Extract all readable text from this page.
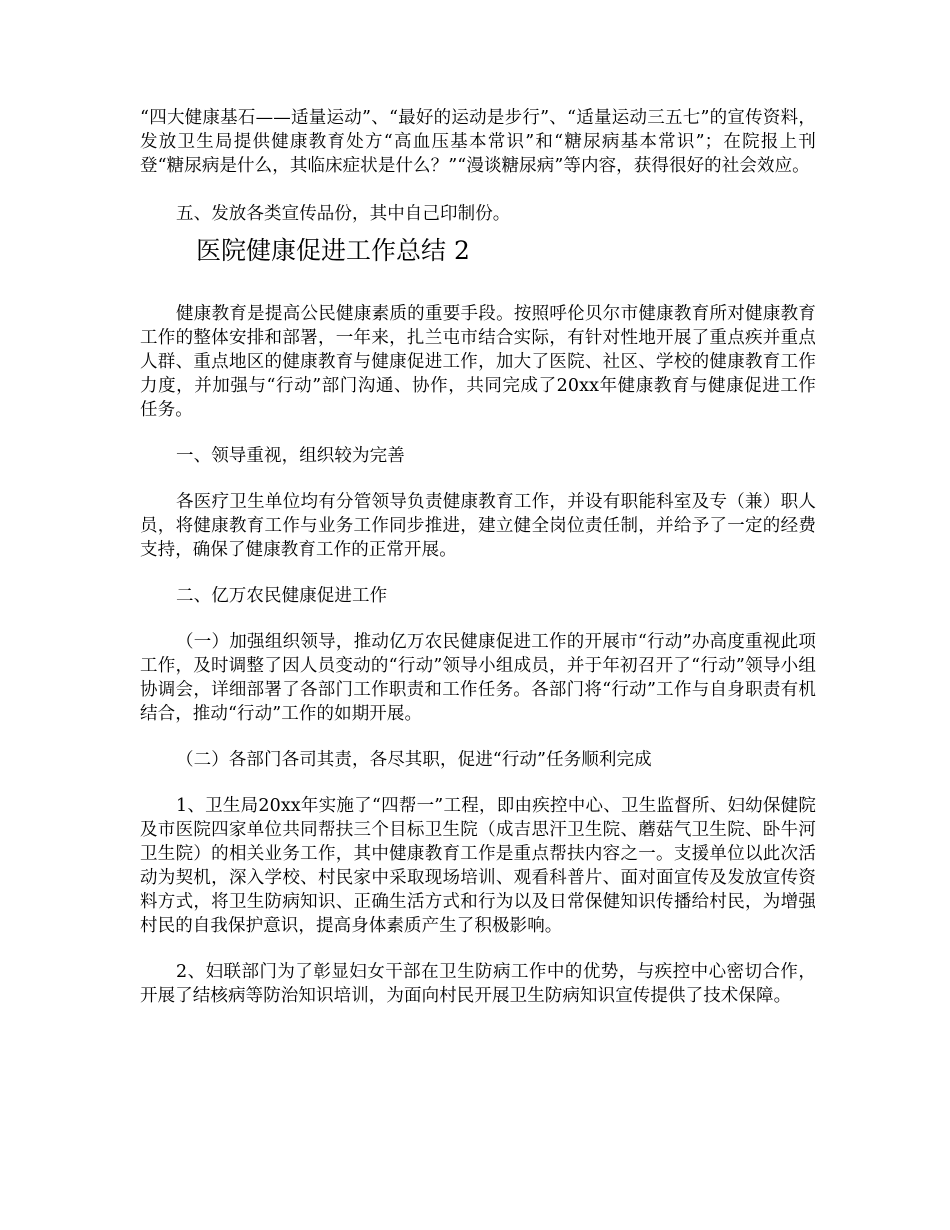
“四大健康基石——适量运动”、“最好的运动是步行”、“适量运动三五七”的宣传资料，发放卫生局提供健康教育处方“高血压基本常识”和“糖尿病基本常识”；在院报上刊登“糖尿病是什么，其临床症状是什么？”“漫谈糖尿病”等内容，获得很好的社会效应。

五、发放各类宣传品份，其中自己印制份。

医院健康促进工作总结 2

健康教育是提高公民健康素质的重要手段。按照呼伦贝尔市健康教育所对健康教育工作的整体安排和部署，一年来，扎兰屯市结合实际，有针对性地开展了重点疾并重点人群、重点地区的健康教育与健康促进工作，加大了医院、社区、学校的健康教育工作力度，并加强与“行动”部门沟通、协作，共同完成了20xx年健康教育与健康促进工作任务。

一、领导重视，组织较为完善

各医疗卫生单位均有分管领导负责健康教育工作，并设有职能科室及专（兼）职人员，将健康教育工作与业务工作同步推进，建立健全岗位责任制，并给予了一定的经费支持，确保了健康教育工作的正常开展。

二、亿万农民健康促进工作

（一）加强组织领导，推动亿万农民健康促进工作的开展市“行动”办高度重视此项工作，及时调整了因人员变动的“行动”领导小组成员，并于年初召开了“行动”领导小组协调会，详细部署了各部门工作职责和工作任务。各部门将“行动”工作与自身职责有机结合，推动“行动”工作的如期开展。

（二）各部门各司其责，各尽其职，促进“行动”任务顺利完成

1、卫生局20xx年实施了“四帮一”工程，即由疾控中心、卫生监督所、妇幼保健院及市医院四家单位共同帮扶三个目标卫生院（成吉思汗卫生院、蘑菇气卫生院、卧牛河卫生院）的相关业务工作，其中健康教育工作是重点帮扶内容之一。支援单位以此次活动为契机，深入学校、村民家中采取现场培训、观看科普片、面对面宣传及发放宣传资料方式，将卫生防病知识、正确生活方式和行为以及日常保健知识传播给村民，为增强村民的自我保护意识，提高身体素质产生了积极影响。

2、妇联部门为了彰显妇女干部在卫生防病工作中的优势，与疾控中心密切合作，开展了结核病等防治知识培训，为面向村民开展卫生防病知识宣传提供了技术保障。
